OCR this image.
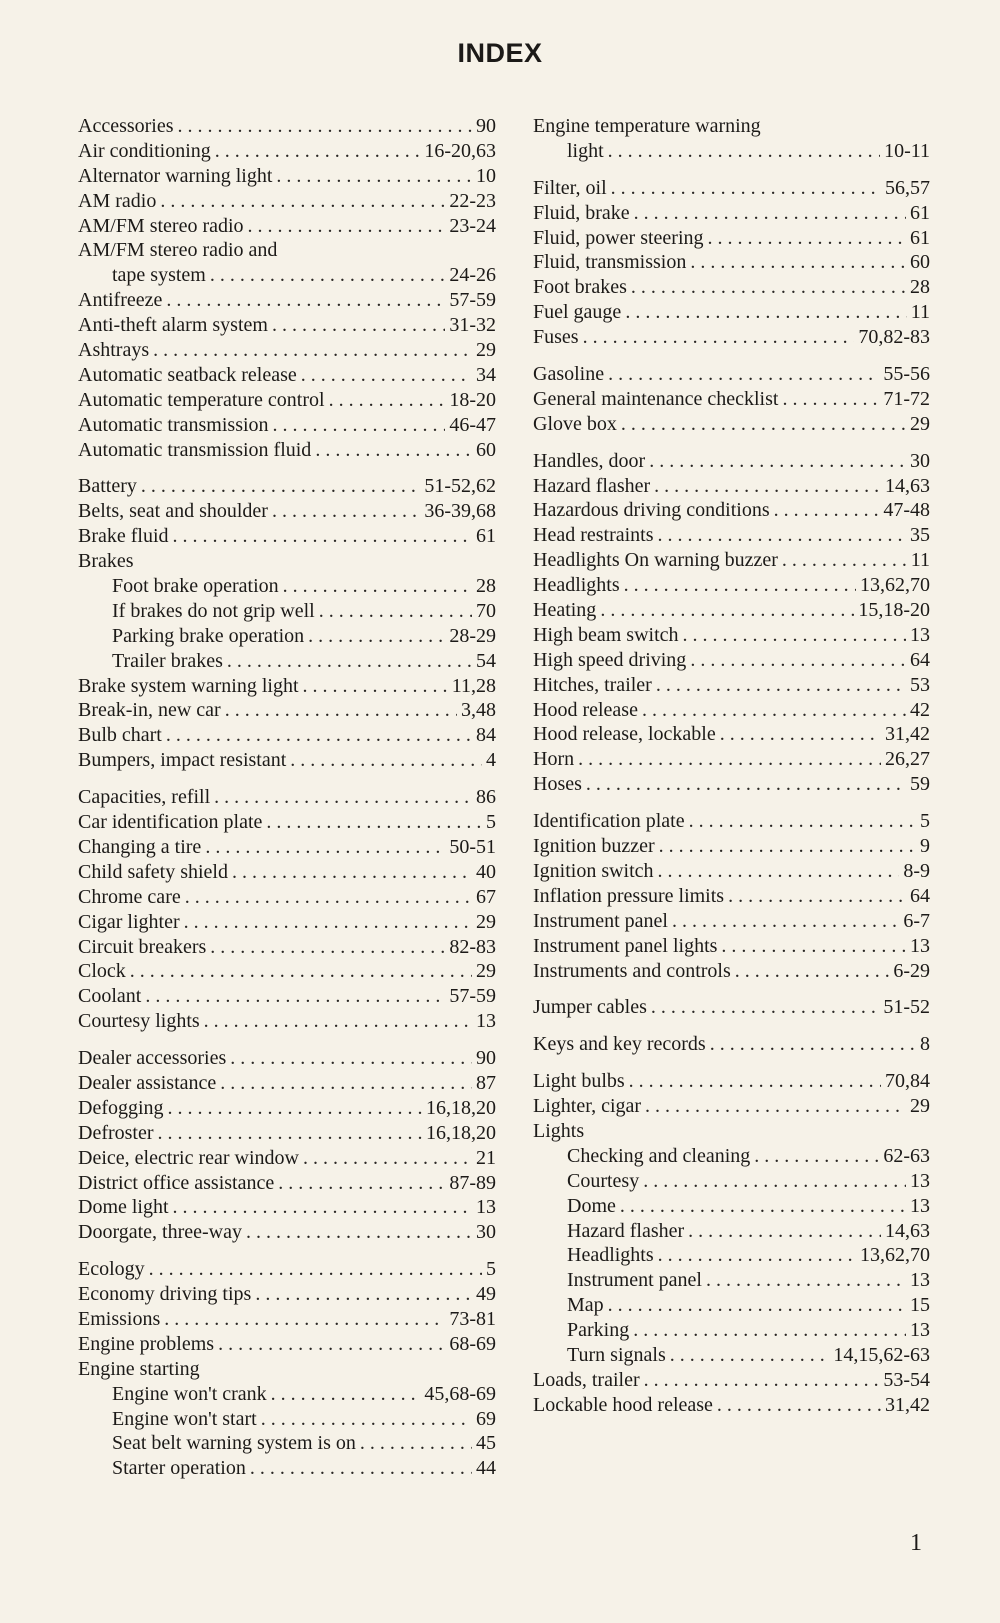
INDEX
Accessories . . .	90
Air conditioning . . .	16-20,63
Alternator warning light . . .	10
AM radio . . .	22-23
AM/FM stereo radio . . .	23-24
AM/FM stereo radio and
tape system . . .	24-26
Antifreeze . . .	57-59
Anti-theft alarm system . . .	31-32
Ashtrays . . .	29
Automatic seatback release . . .	34
Automatic temperature control . . .	18-20
Automatic transmission . . .	46-47
Automatic transmission fluid . . .	60
Battery . . .	51-52,62
Belts, seat and shoulder . . .	36-39,68
Brake fluid . . .	61
Brakes
Foot brake operation . . .	28
If brakes do not grip well . . .	70
Parking brake operation . . .	28-29
Trailer brakes . . .	54
Brake system warning light . . .	11,28
Break-in, new car . . .	3,48
Bulb chart . . .	84
Bumpers, impact resistant . . .	4
Capacities, refill . . .	86
Car identification plate . . .	5
Changing a tire . . .	50-51
Child safety shield . . .	40
Chrome care . . .	67
Cigar lighter . . .	29
Circuit breakers . . .	82-83
Clock . . .	29
Coolant . . .	57-59
Courtesy lights . . .	13
Dealer accessories . . .	90
Dealer assistance . . .	87
Defogging . . .	16,18,20
Defroster . . .	16,18,20
Deice, electric rear window . . .	21
District office assistance . . .	87-89
Dome light . . .	13
Doorgate, three-way . . .	30
Ecology . . .	5
Economy driving tips . . .	49
Emissions . . .	73-81
Engine problems . . .	68-69
Engine starting
Engine won't crank . . .	45,68-69
Engine won't start . . .	69
Seat belt warning system is on . . .	45
Starter operation . . .	44
Engine temperature warning
light . . .	10-11
Filter, oil . . .	56,57
Fluid, brake . . .	61
Fluid, power steering . . .	61
Fluid, transmission . . .	60
Foot brakes . . .	28
Fuel gauge . . .	11
Fuses . . .	70,82-83
Gasoline . . .	55-56
General maintenance checklist . . .	71-72
Glove box . . .	29
Handles, door . . .	30
Hazard flasher . . .	14,63
Hazardous driving conditions . . .	47-48
Head restraints . . .	35
Headlights On warning buzzer . . .	11
Headlights . . .	13,62,70
Heating . . .	15,18-20
High beam switch . . .	13
High speed driving . . .	64
Hitches, trailer . . .	53
Hood release . . .	42
Hood release, lockable . . .	31,42
Horn . . .	26,27
Hoses . . .	59
Identification plate . . .	5
Ignition buzzer . . .	9
Ignition switch . . .	8-9
Inflation pressure limits . . .	64
Instrument panel . . .	6-7
Instrument panel lights . . .	13
Instruments and controls . . .	6-29
Jumper cables . . .	51-52
Keys and key records . . .	8
Light bulbs . . .	70,84
Lighter, cigar . . .	29
Lights
Checking and cleaning . . .	62-63
Courtesy . . .	13
Dome . . .	13
Hazard flasher . . .	14,63
Headlights . . .	13,62,70
Instrument panel . . .	13
Map . . .	15
Parking . . .	13
Turn signals . . .	14,15,62-63
Loads, trailer . . .	53-54
Lockable hood release . . .	31,42
1
